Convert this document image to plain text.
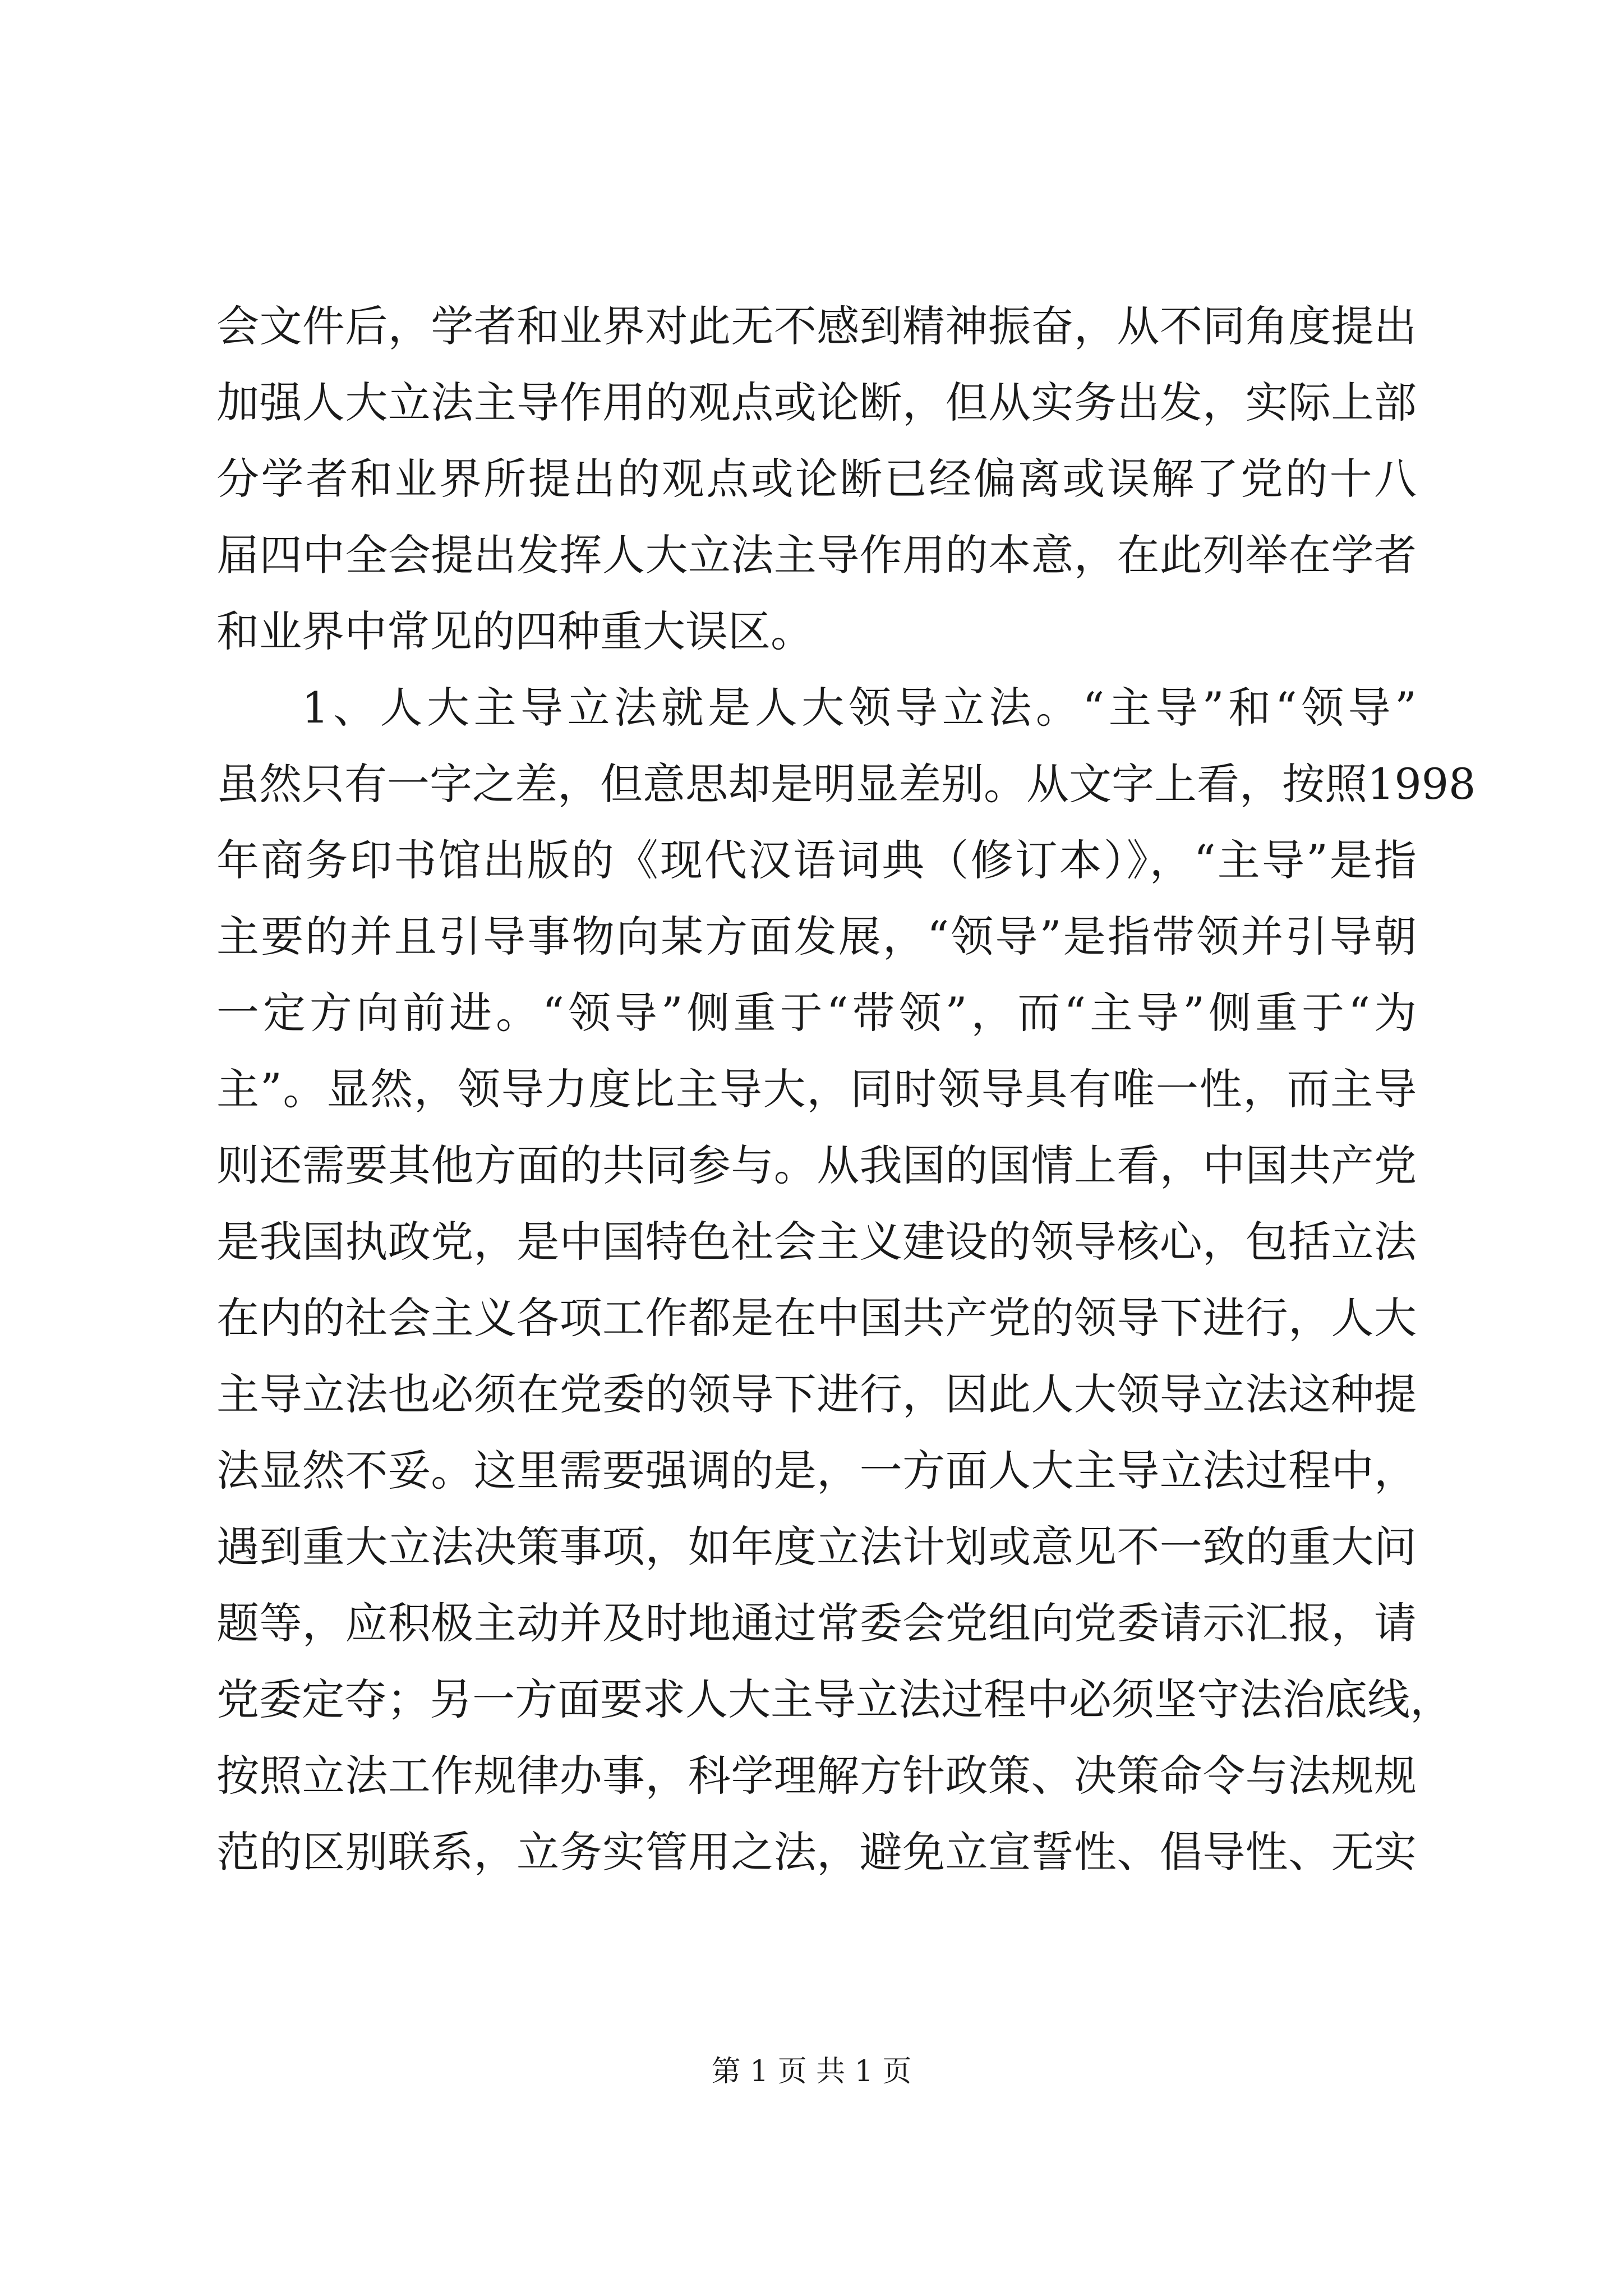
会文件后，学者和业界对此无不感到精神振奋，从不同角度提出
加强人大立法主导作用的观点或论断，但从实务出发，实际上部
分学者和业界所提出的观点或论断已经偏离或误解了党的十八
届四中全会提出发挥人大立法主导作用的本意，在此列举在学者
和业界中常见的四种重大误区。
1、人大主导立法就是人大领导立法。“主导”和“领导”
虽然只有一字之差，但意思却是明显差别。从文字上看，按照1998
年商务印书馆出版的《现代汉语词典（修订本）》，“主导”是指
主要的并且引导事物向某方面发展，“领导”是指带领并引导朝
一定方向前进。“领导”侧重于“带领”，而“主导”侧重于“为
主”。显然，领导力度比主导大，同时领导具有唯一性，而主导
则还需要其他方面的共同参与。从我国的国情上看，中国共产党
是我国执政党，是中国特色社会主义建设的领导核心，包括立法
在内的社会主义各项工作都是在中国共产党的领导下进行，人大
主导立法也必须在党委的领导下进行，因此人大领导立法这种提
法显然不妥。这里需要强调的是，一方面人大主导立法过程中，
遇到重大立法决策事项，如年度立法计划或意见不一致的重大问
题等，应积极主动并及时地通过常委会党组向党委请示汇报，请
党委定夺；另一方面要求人大主导立法过程中必须坚守法治底线，
按照立法工作规律办事，科学理解方针政策、决策命令与法规规
范的区别联系，立务实管用之法，避免立宣誓性、倡导性、无实
第 1 页 共 1 页
